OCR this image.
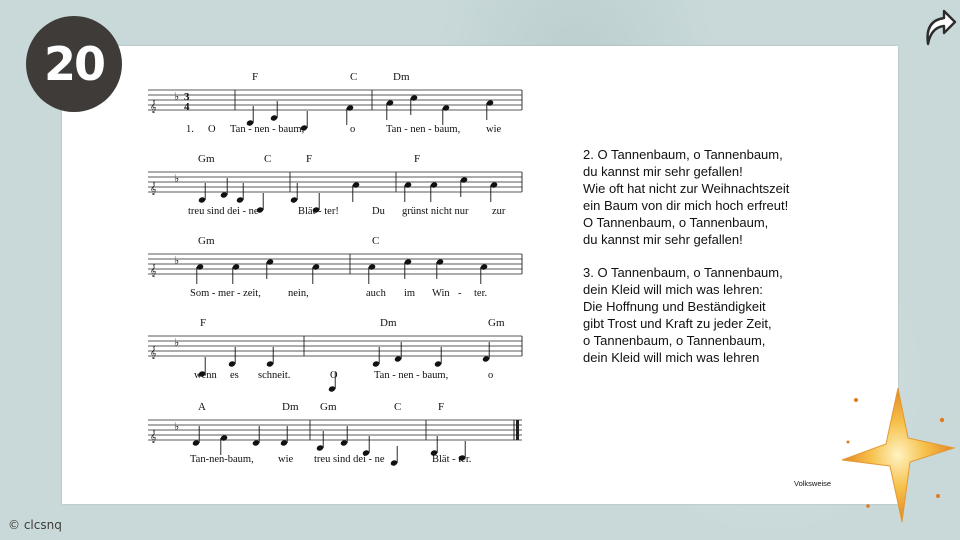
20
𝄞
♭ 3
4
𝄞
♭
𝄞
♭
𝄞
♭
𝄞
♭
F	C	Dm
1. O Tan - nen - baum,	o	Tan - nen - baum, wie
Gm	C	F	F
treu sind dei - ne	Blät - ter!	Du grünst nicht nur zur
Gm	C
Som - mer - zeit,	nein,	auch im Win - ter.
F	Dm	Gm
wenn es schneit.	O	Tan - nen - baum,	o
A	Dm Gm	C	F
Tan-nen-baum, wie treu sind dei - ne	Blät - ter.
2. O Tannenbaum, o Tannenbaum,
du kannst mir sehr gefallen!
Wie oft hat nicht zur Weihnachtszeit
ein Baum von dir mich hoch erfreut!
O Tannenbaum, o Tannenbaum,
du kannst mir sehr gefallen!
3. O Tannenbaum, o Tannenbaum,
dein Kleid will mich was lehren:
Die Hoffnung und Beständigkeit
gibt Trost und Kraft zu jeder Zeit,
o Tannenbaum, o Tannenbaum,
dein Kleid will mich was lehren
Volksweise
© clcsnq
